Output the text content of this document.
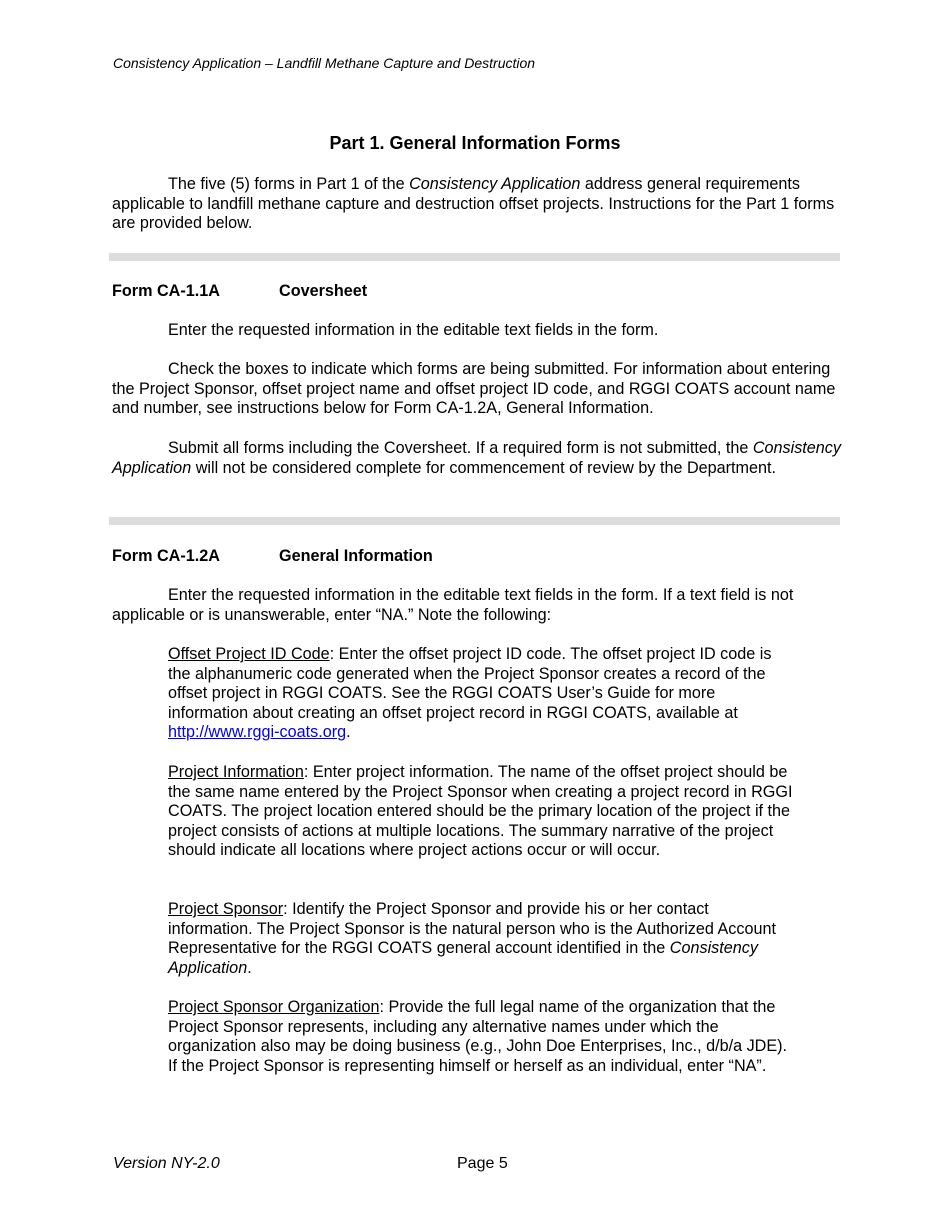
Consistency Application – Landfill Methane Capture and Destruction
Part 1. General Information Forms
The five (5) forms in Part 1 of the Consistency Application address general requirements applicable to landfill methane capture and destruction offset projects. Instructions for the Part 1 forms are provided below.
Form CA-1.1A	Coversheet
Enter the requested information in the editable text fields in the form.
Check the boxes to indicate which forms are being submitted. For information about entering the Project Sponsor, offset project name and offset project ID code, and RGGI COATS account name and number, see instructions below for Form CA-1.2A, General Information.
Submit all forms including the Coversheet. If a required form is not submitted, the Consistency Application will not be considered complete for commencement of review by the Department.
Form CA-1.2A	General Information
Enter the requested information in the editable text fields in the form. If a text field is not applicable or is unanswerable, enter “NA.” Note the following:
Offset Project ID Code: Enter the offset project ID code. The offset project ID code is the alphanumeric code generated when the Project Sponsor creates a record of the offset project in RGGI COATS. See the RGGI COATS User’s Guide for more information about creating an offset project record in RGGI COATS, available at http://www.rggi-coats.org.
Project Information: Enter project information. The name of the offset project should be the same name entered by the Project Sponsor when creating a project record in RGGI COATS. The project location entered should be the primary location of the project if the project consists of actions at multiple locations. The summary narrative of the project should indicate all locations where project actions occur or will occur.
Project Sponsor: Identify the Project Sponsor and provide his or her contact information. The Project Sponsor is the natural person who is the Authorized Account Representative for the RGGI COATS general account identified in the Consistency Application.
Project Sponsor Organization: Provide the full legal name of the organization that the Project Sponsor represents, including any alternative names under which the organization also may be doing business (e.g., John Doe Enterprises, Inc., d/b/a JDE). If the Project Sponsor is representing himself or herself as an individual, enter “NA”.
Version NY-2.0	Page 5
